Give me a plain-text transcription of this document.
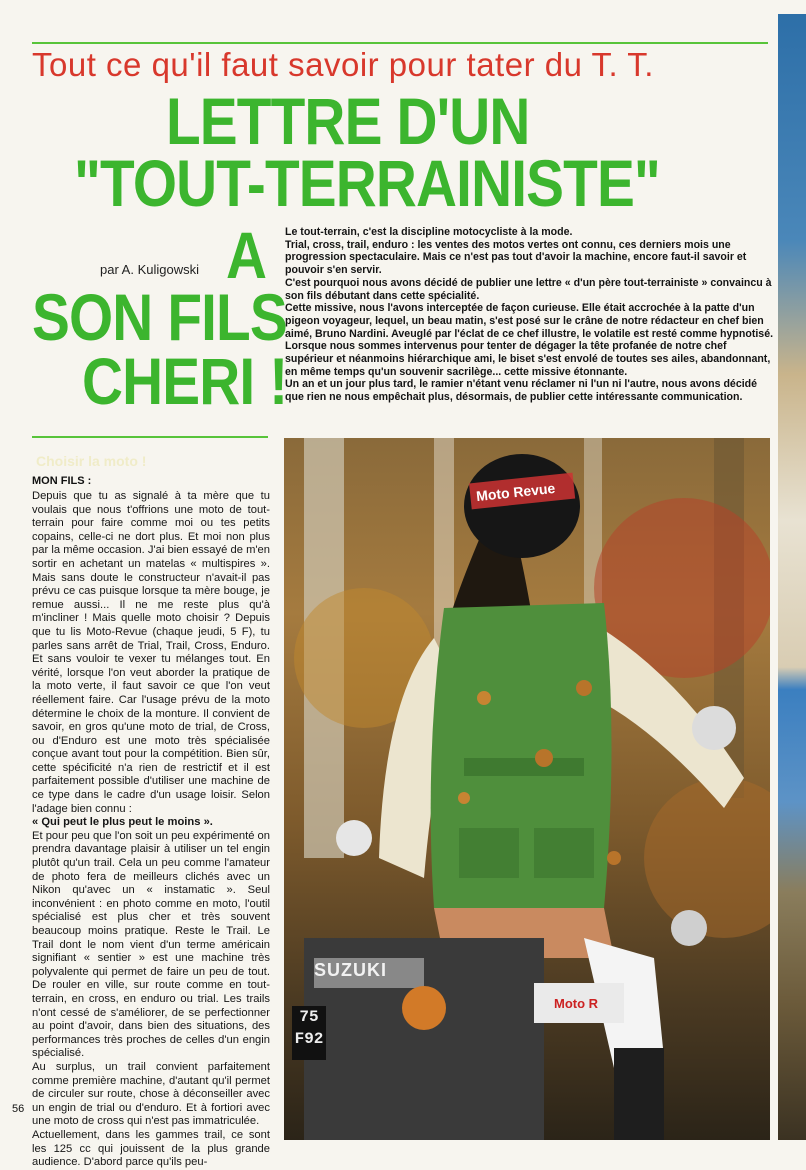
Tout ce qu'il faut savoir pour tater du T. T.
LETTRE D'UN
"TOUT-TERRAINISTE"
A
SON FILS
CHERI !
par A. Kuligowski

Le tout-terrain, c'est la discipline motocycliste à la mode.

Trial, cross, trail, enduro : les ventes des motos vertes ont connu, ces derniers mois une progression spectaculaire. Mais ce n'est pas tout d'avoir la machine, encore faut-il savoir et pouvoir s'en servir.

C'est pourquoi nous avons décidé de publier une lettre « d'un père tout-terrainiste » convaincu à son fils débutant dans cette spécialité.

Cette missive, nous l'avons interceptée de façon curieuse. Elle était accrochée à la patte d'un pigeon voyageur, lequel, un beau matin, s'est posé sur le crâne de notre rédacteur en chef bien aimé, Bruno Nardini. Aveuglé par l'éclat de ce chef illustre, le volatile est resté comme hypnotisé. Lorsque nous sommes intervenus pour tenter de dégager la tête profanée de notre chef supérieur et néanmoins hiérarchique ami, le biset s'est envolé de toutes ses ailes, abandonnant, en même temps qu'un souvenir sacrilège... cette missive étonnante.

Un an et un jour plus tard, le ramier n'étant venu réclamer ni l'un ni l'autre, nous avons décidé que rien ne nous empêchait plus, désormais, de publier cette intéressante communication.

Choisir la moto !
MON FILS :

Depuis que tu as signalé à ta mère que tu voulais que nous t'offrions une moto de tout-terrain pour faire comme moi ou tes petits copains, celle-ci ne dort plus. Et moi non plus par la même occasion. J'ai bien essayé de m'en sortir en achetant un matelas « multispires ». Mais sans doute le constructeur n'avait-il pas prévu ce cas puisque lorsque ta mère bouge, je remue aussi... Il ne me reste plus qu'à m'incliner ! Mais quelle moto choisir ? Depuis que tu lis Moto-Revue (chaque jeudi, 5 F), tu parles sans arrêt de Trial, Trail, Cross, Enduro. Et sans vouloir te vexer tu mélanges tout. En vérité, lorsque l'on veut aborder la pratique de la moto verte, il faut savoir ce que l'on veut réellement faire. Car l'usage prévu de la moto détermine le choix de la monture. Il convient de savoir, en gros qu'une moto de trial, de Cross, ou d'Enduro est une moto très spécialisée conçue avant tout pour la compétition. Bien sûr, cette spécificité n'a rien de restrictif et il est parfaitement possible d'utiliser une machine de ce type dans le cadre d'un usage loisir. Selon l'adage bien connu :

« Qui peut le plus peut le moins ».

Et pour peu que l'on soit un peu expérimenté on prendra davantage plaisir à utiliser un tel engin plutôt qu'un trail. Cela un peu comme l'amateur de photo fera de meilleurs clichés avec un Nikon qu'avec un « instamatic ». Seul inconvénient : en photo comme en moto, l'outil spécialisé est plus cher et très souvent beaucoup moins pratique. Reste le Trail. Le Trail dont le nom vient d'un terme américain signifiant « sentier » est une machine très polyvalente qui permet de faire un peu de tout. De rouler en ville, sur route comme en tout-terrain, en cross, en enduro ou trial. Les trails n'ont cessé de s'améliorer, de se perfectionner au point d'avoir, dans bien des situations, des performances très proches de celles d'un engin spécialisé.

Au surplus, un trail convient parfaitement comme première machine, d'autant qu'il permet de circuler sur route, chose à déconseiller avec un engin de trial ou d'enduro. Et à fortiori avec une moto de cross qui n'est pas immatriculée.

Actuellement, dans les gammes trail, ce sont les 125 cc qui jouissent de la plus grande audience. D'abord parce qu'ils peu-

56
Moto Revue
SUZUKI
75 F92
Moto R
